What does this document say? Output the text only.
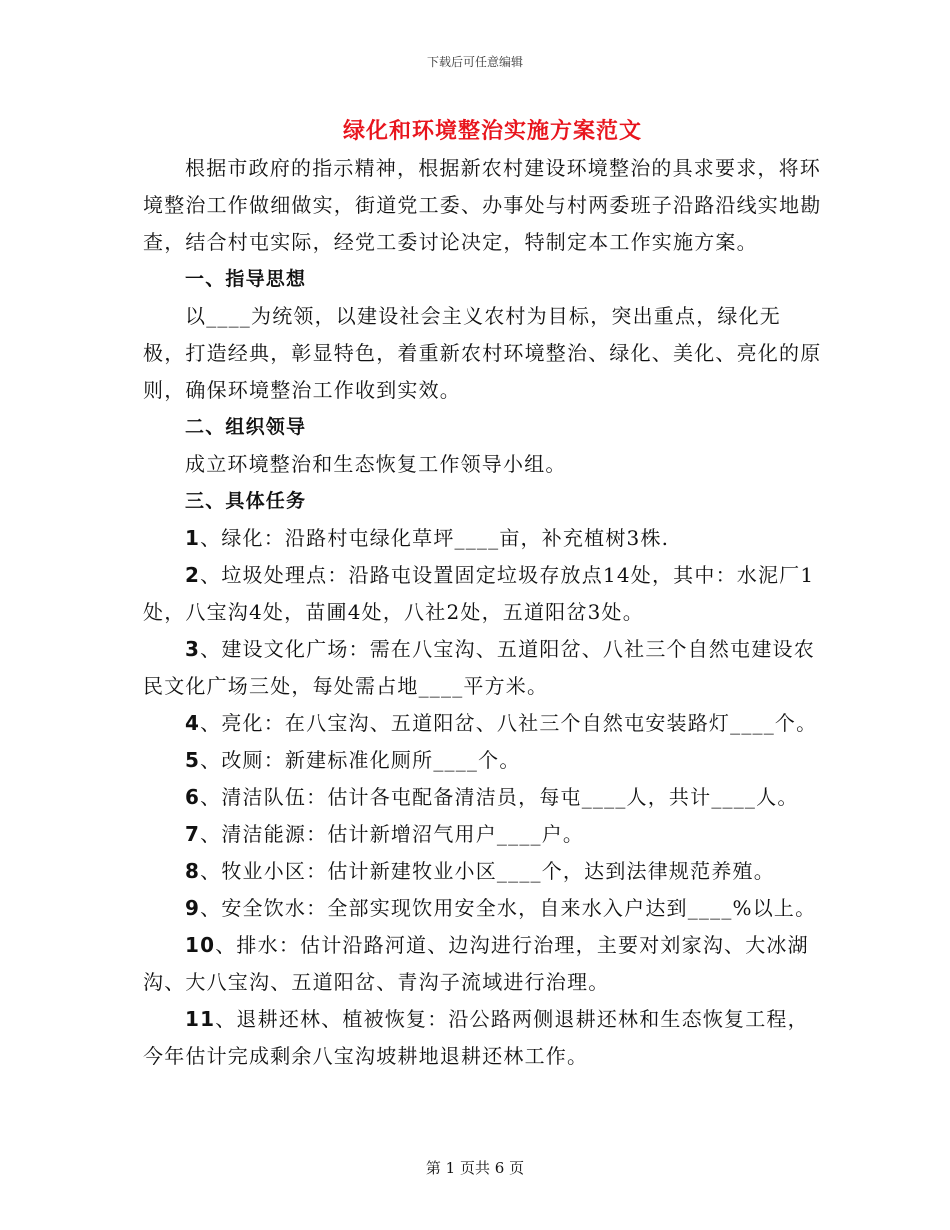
下载后可任意编辑
绿化和环境整治实施方案范文

根据市政府的指示精神，根据新农村建设环境整治的具求要求，将环境整治工作做细做实，街道党工委、办事处与村两委班子沿路沿线实地勘查，结合村屯实际，经党工委讨论决定，特制定本工作实施方案。

一、指导思想

以____为统领，以建设社会主义农村为目标，突出重点，绿化无极，打造经典，彰显特色，着重新农村环境整治、绿化、美化、亮化的原则，确保环境整治工作收到实效。

二、组织领导

成立环境整治和生态恢复工作领导小组。

三、具体任务

1、绿化：沿路村屯绿化草坪____亩，补充植树3株.

2、垃圾处理点：沿路屯设置固定垃圾存放点14处，其中：水泥厂1处，八宝沟4处，苗圃4处，八社2处，五道阳岔3处。

3、建设文化广场：需在八宝沟、五道阳岔、八社三个自然屯建设农民文化广场三处，每处需占地____平方米。

4、亮化：在八宝沟、五道阳岔、八社三个自然屯安装路灯____个。

5、改厕：新建标准化厕所____个。

6、清洁队伍：估计各屯配备清洁员，每屯____人，共计____人。

7、清洁能源：估计新增沼气用户____户。

8、牧业小区：估计新建牧业小区____个，达到法律规范养殖。

9、安全饮水：全部实现饮用安全水，自来水入户达到____%以上。

10、排水：估计沿路河道、边沟进行治理，主要对刘家沟、大冰湖沟、大八宝沟、五道阳岔、青沟子流域进行治理。

11、退耕还林、植被恢复：沿公路两侧退耕还林和生态恢复工程，今年估计完成剩余八宝沟坡耕地退耕还林工作。

第 1 页共 6 页
